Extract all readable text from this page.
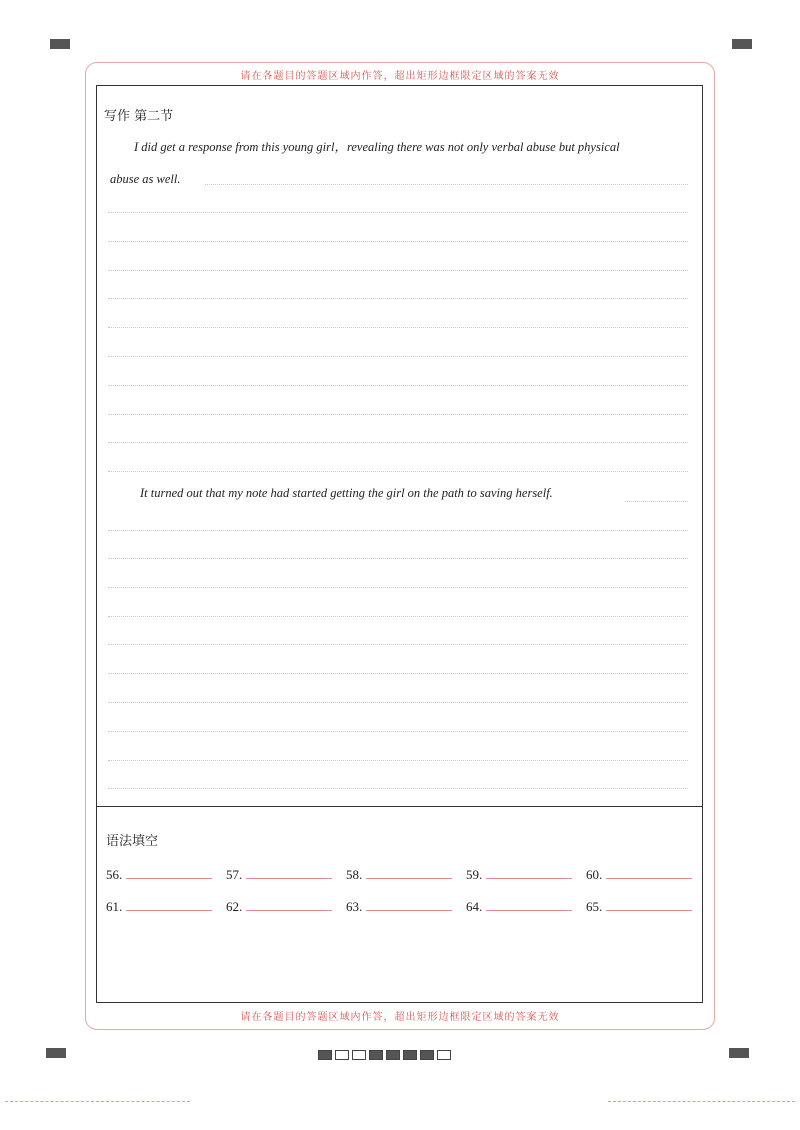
请在各题目的答题区域内作答，超出矩形边框限定区域的答案无效
请在各题目的答题区域内作答，超出矩形边框限定区域的答案无效
写作 第二节
I did get a response from this young girl，revealing there was not only verbal abuse but physical
abuse as well.
It turned out that my note had started getting the girl on the path to saving herself.
语法填空
56.	57.	58.	59.	60.
61.	62.	63.	64.	65.
